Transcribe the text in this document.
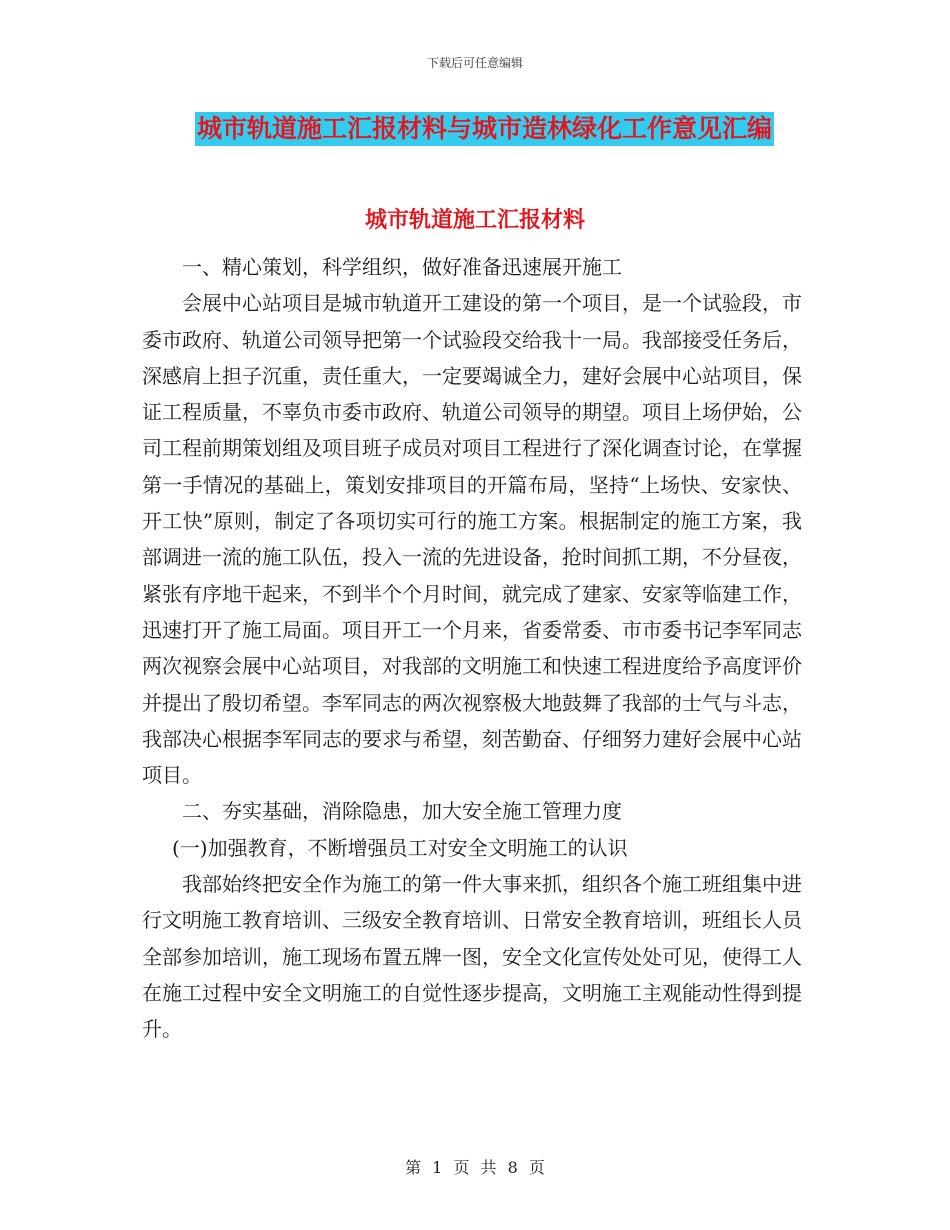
下载后可任意编辑
城市轨道施工汇报材料与城市造林绿化工作意见汇编
城市轨道施工汇报材料

一、精心策划，科学组织，做好准备迅速展开施工

会展中心站项目是城市轨道开工建设的第一个项目，是一个试验段，市委市政府、轨道公司领导把第一个试验段交给我十一局。我部接受任务后，深感肩上担子沉重，责任重大，一定要竭诚全力，建好会展中心站项目，保证工程质量，不辜负市委市政府、轨道公司领导的期望。项目上场伊始，公司工程前期策划组及项目班子成员对项目工程进行了深化调查讨论，在掌握第一手情况的基础上，策划安排项目的开篇布局，坚持“上场快、安家快、开工快”原则，制定了各项切实可行的施工方案。根据制定的施工方案，我部调进一流的施工队伍，投入一流的先进设备，抢时间抓工期，不分昼夜，紧张有序地干起来，不到半个个月时间，就完成了建家、安家等临建工作，迅速打开了施工局面。项目开工一个月来，省委常委、市市委书记李军同志两次视察会展中心站项目，对我部的文明施工和快速工程进度给予高度评价并提出了殷切希望。李军同志的两次视察极大地鼓舞了我部的士气与斗志，我部决心根据李军同志的要求与希望，刻苦勤奋、仔细努力建好会展中心站项目。

二、夯实基础，消除隐患，加大安全施工管理力度

(一)加强教育，不断增强员工对安全文明施工的认识

我部始终把安全作为施工的第一件大事来抓，组织各个施工班组集中进行文明施工教育培训、三级安全教育培训、日常安全教育培训，班组长人员全部参加培训，施工现场布置五牌一图，安全文化宣传处处可见，使得工人在施工过程中安全文明施工的自觉性逐步提高，文明施工主观能动性得到提升。

第 1 页 共 8 页
